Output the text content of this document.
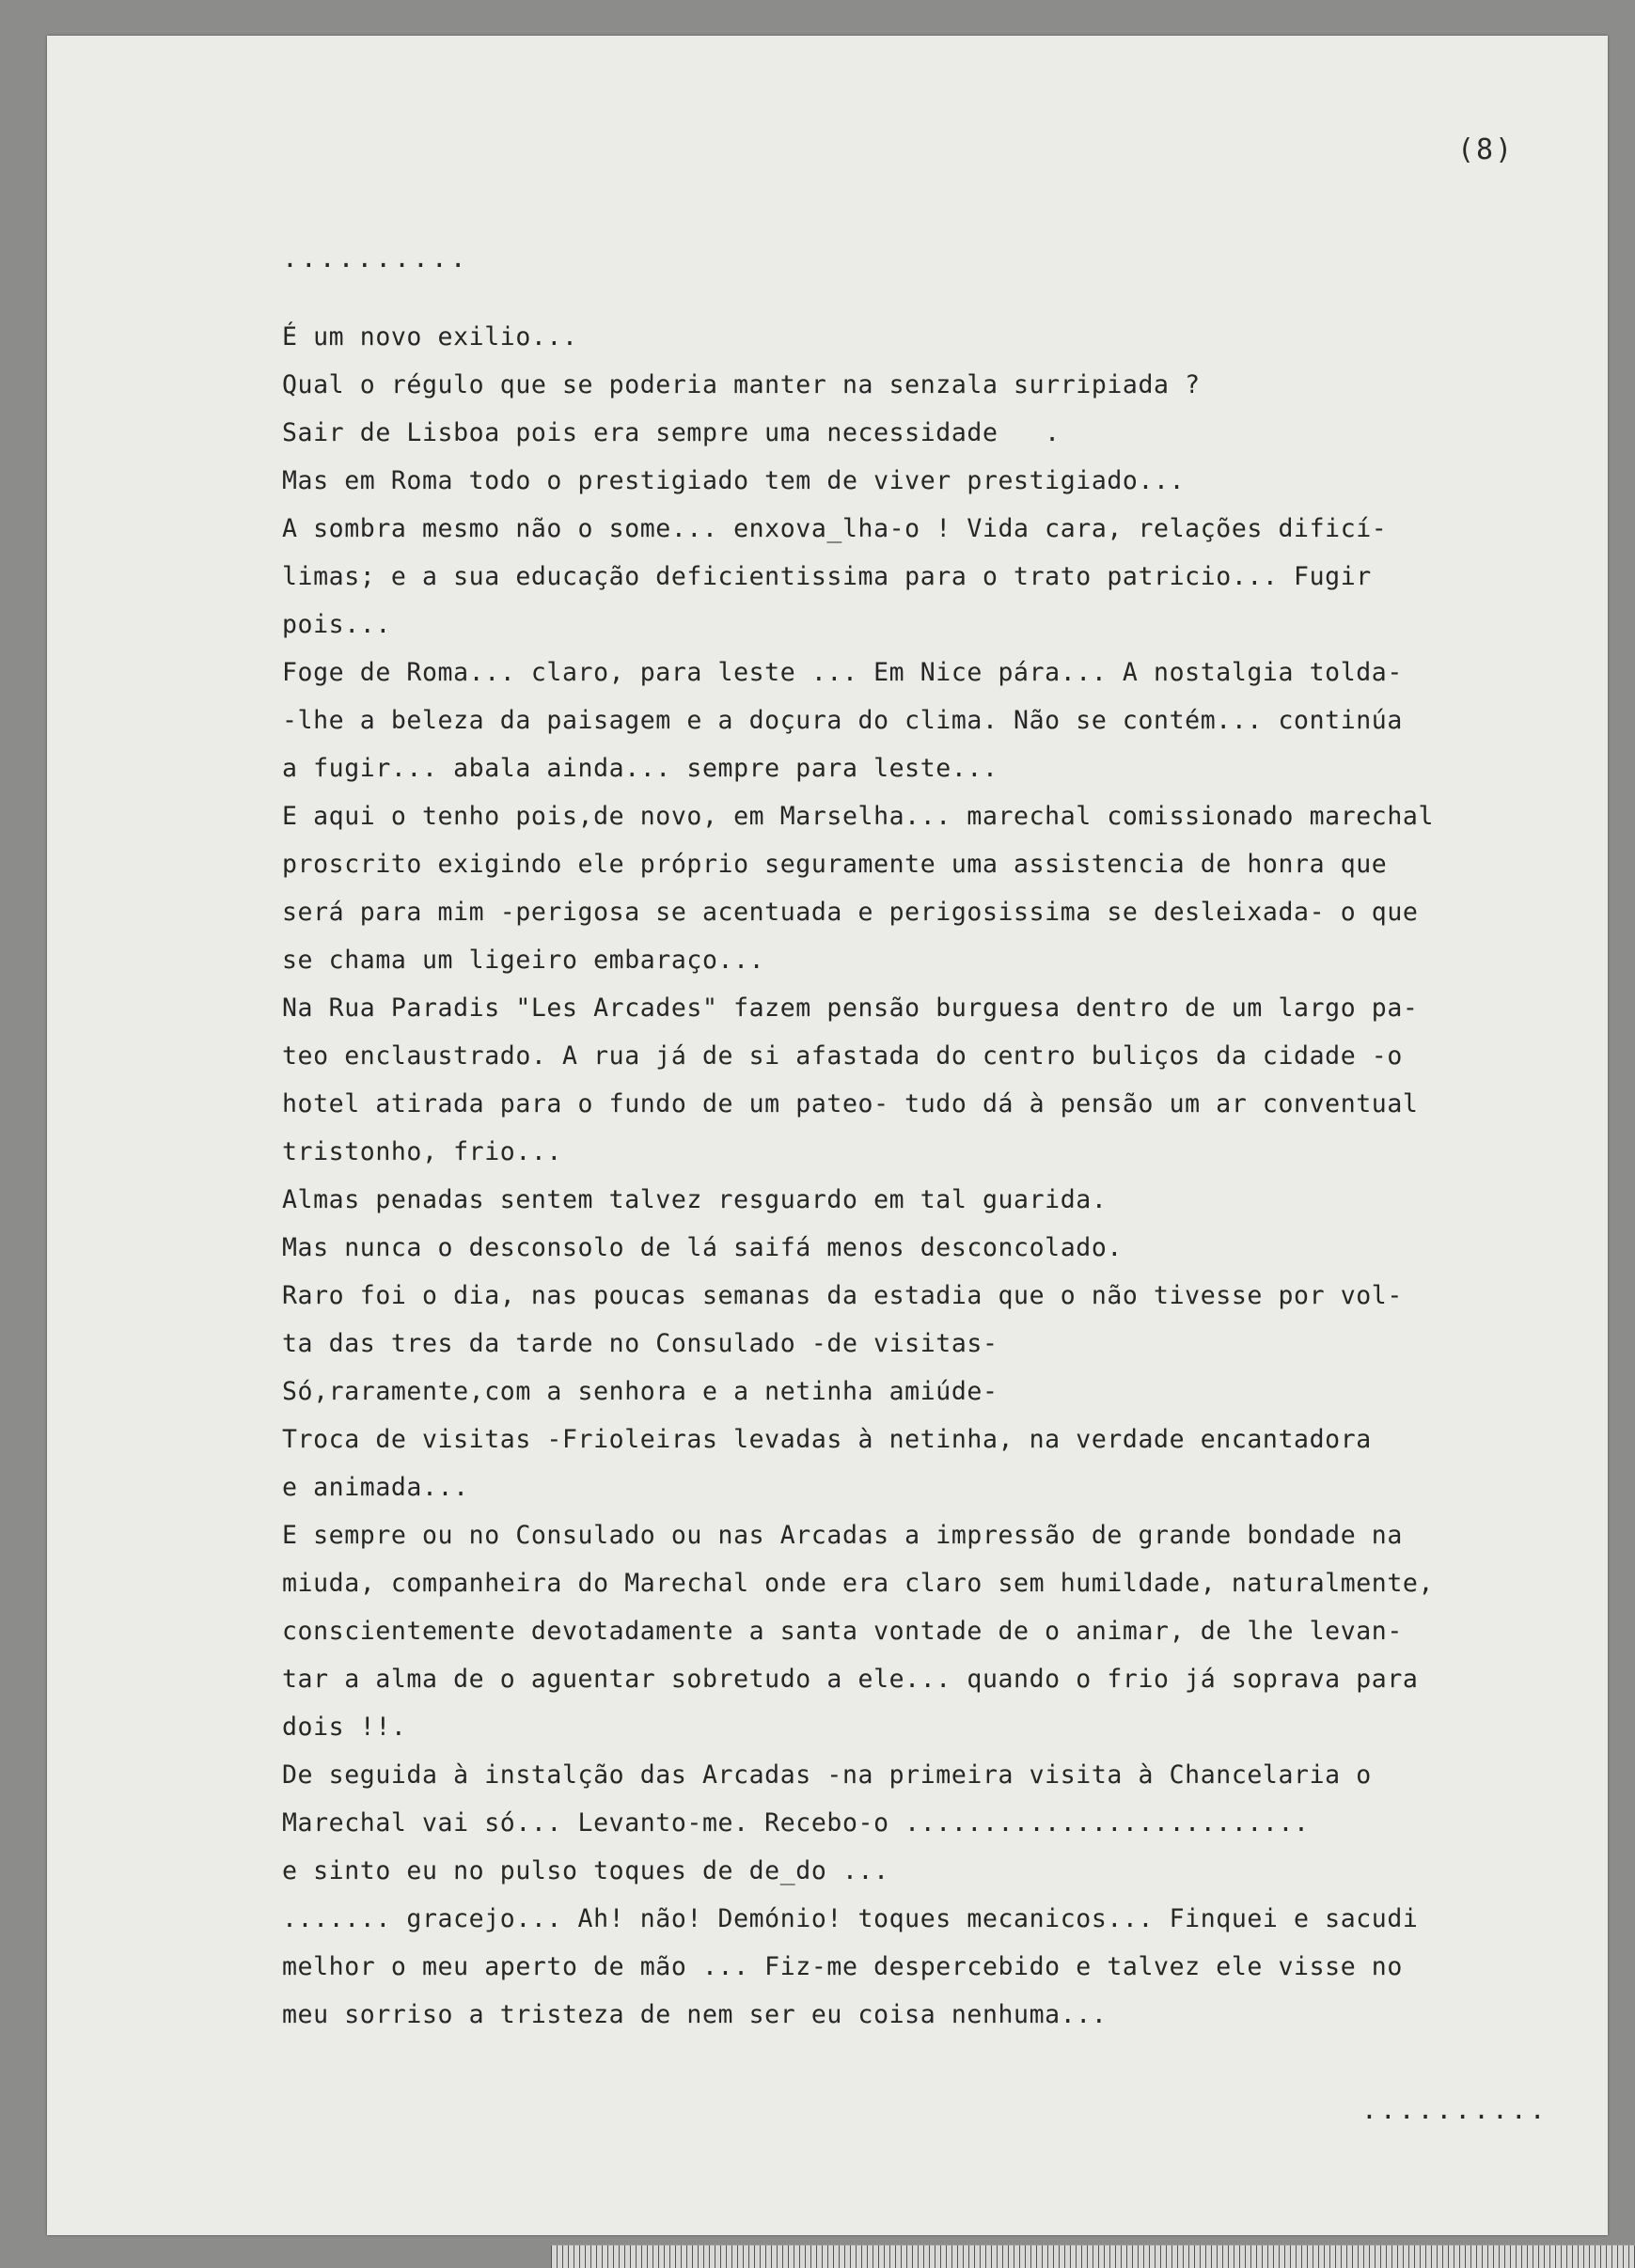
(8)
..........
É um novo exilio...
Qual o régulo que se poderia manter na senzala surripiada ?
Sair de Lisboa pois era sempre uma necessidade   .
Mas em Roma todo o prestigiado tem de viver prestigiado...
A sombra mesmo não o some... enxova_lha-o ! Vida cara, relações dificí-
limas; e a sua educação deficientissima para o trato patricio... Fugir
pois...
Foge de Roma... claro, para leste ... Em Nice pára... A nostalgia tolda-
-lhe a beleza da paisagem e a doçura do clima. Não se contém... continúa
a fugir... abala ainda... sempre para leste...
E aqui o tenho pois,de novo, em Marselha... marechal comissionado marechal
proscrito exigindo ele próprio seguramente uma assistencia de honra que
será para mim -perigosa se acentuada e perigosissima se desleixada- o que
se chama um ligeiro embaraço...
Na Rua Paradis "Les Arcades" fazem pensão burguesa dentro de um largo pa-
teo enclaustrado. A rua já de si afastada do centro buliços da cidade -o
hotel atirada para o fundo de um pateo- tudo dá à pensão um ar conventual
tristonho, frio...
Almas penadas sentem talvez resguardo em tal guarida.
Mas nunca o desconsolo de lá saifá menos desconcolado.
Raro foi o dia, nas poucas semanas da estadia que o não tivesse por vol-
ta das tres da tarde no Consulado -de visitas-
Só,raramente,com a senhora e a netinha amiúde-
Troca de visitas -Frioleiras levadas à netinha, na verdade encantadora
e animada...
E sempre ou no Consulado ou nas Arcadas a impressão de grande bondade na
miuda, companheira do Marechal onde era claro sem humildade, naturalmente,
conscientemente devotadamente a santa vontade de o animar, de lhe levan-
tar a alma de o aguentar sobretudo a ele... quando o frio já soprava para
dois !!.
De seguida à instalção das Arcadas -na primeira visita à Chancelaria o
Marechal vai só... Levanto-me. Recebo-o ..........................
e sinto eu no pulso toques de de_do ...
....... gracejo... Ah! não! Demónio! toques mecanicos... Finquei e sacudi
melhor o meu aperto de mão ... Fiz-me despercebido e talvez ele visse no
meu sorriso a tristeza de nem ser eu coisa nenhuma...
..........
